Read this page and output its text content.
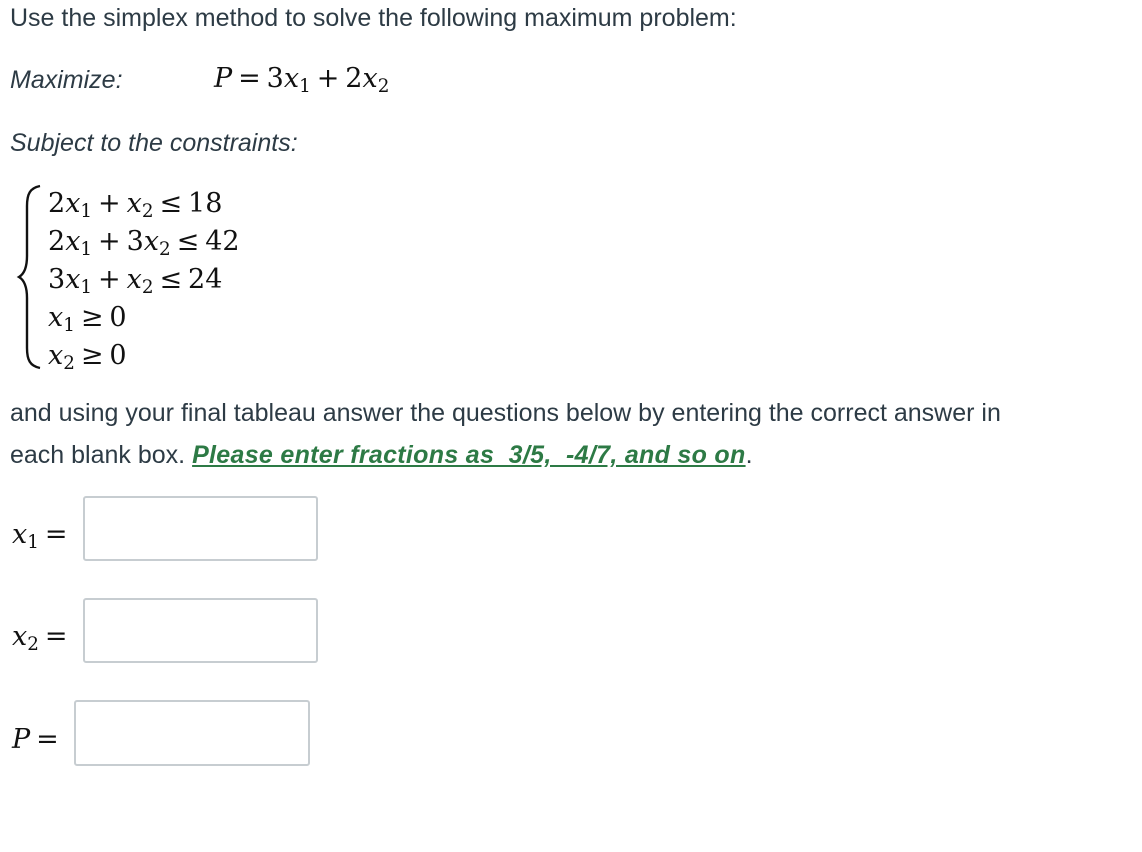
Use the simplex method to solve the following maximum problem:
Maximize:	$P = 3x_1 + 2x_2$
Subject to the constraints:
$2x_1 + x_2 \le 18$
$2x_1 + 3x_2 \le 42$
$3x_1 + x_2 \le 24$
$x_1 \ge 0$
$x_2 \ge 0$
and using your final tableau answer the questions below by entering the correct answer in
each blank box. Please enter fractions as  3/5,  -4/7, and so on.
$x_1$ =
$x_2$ =
P =
